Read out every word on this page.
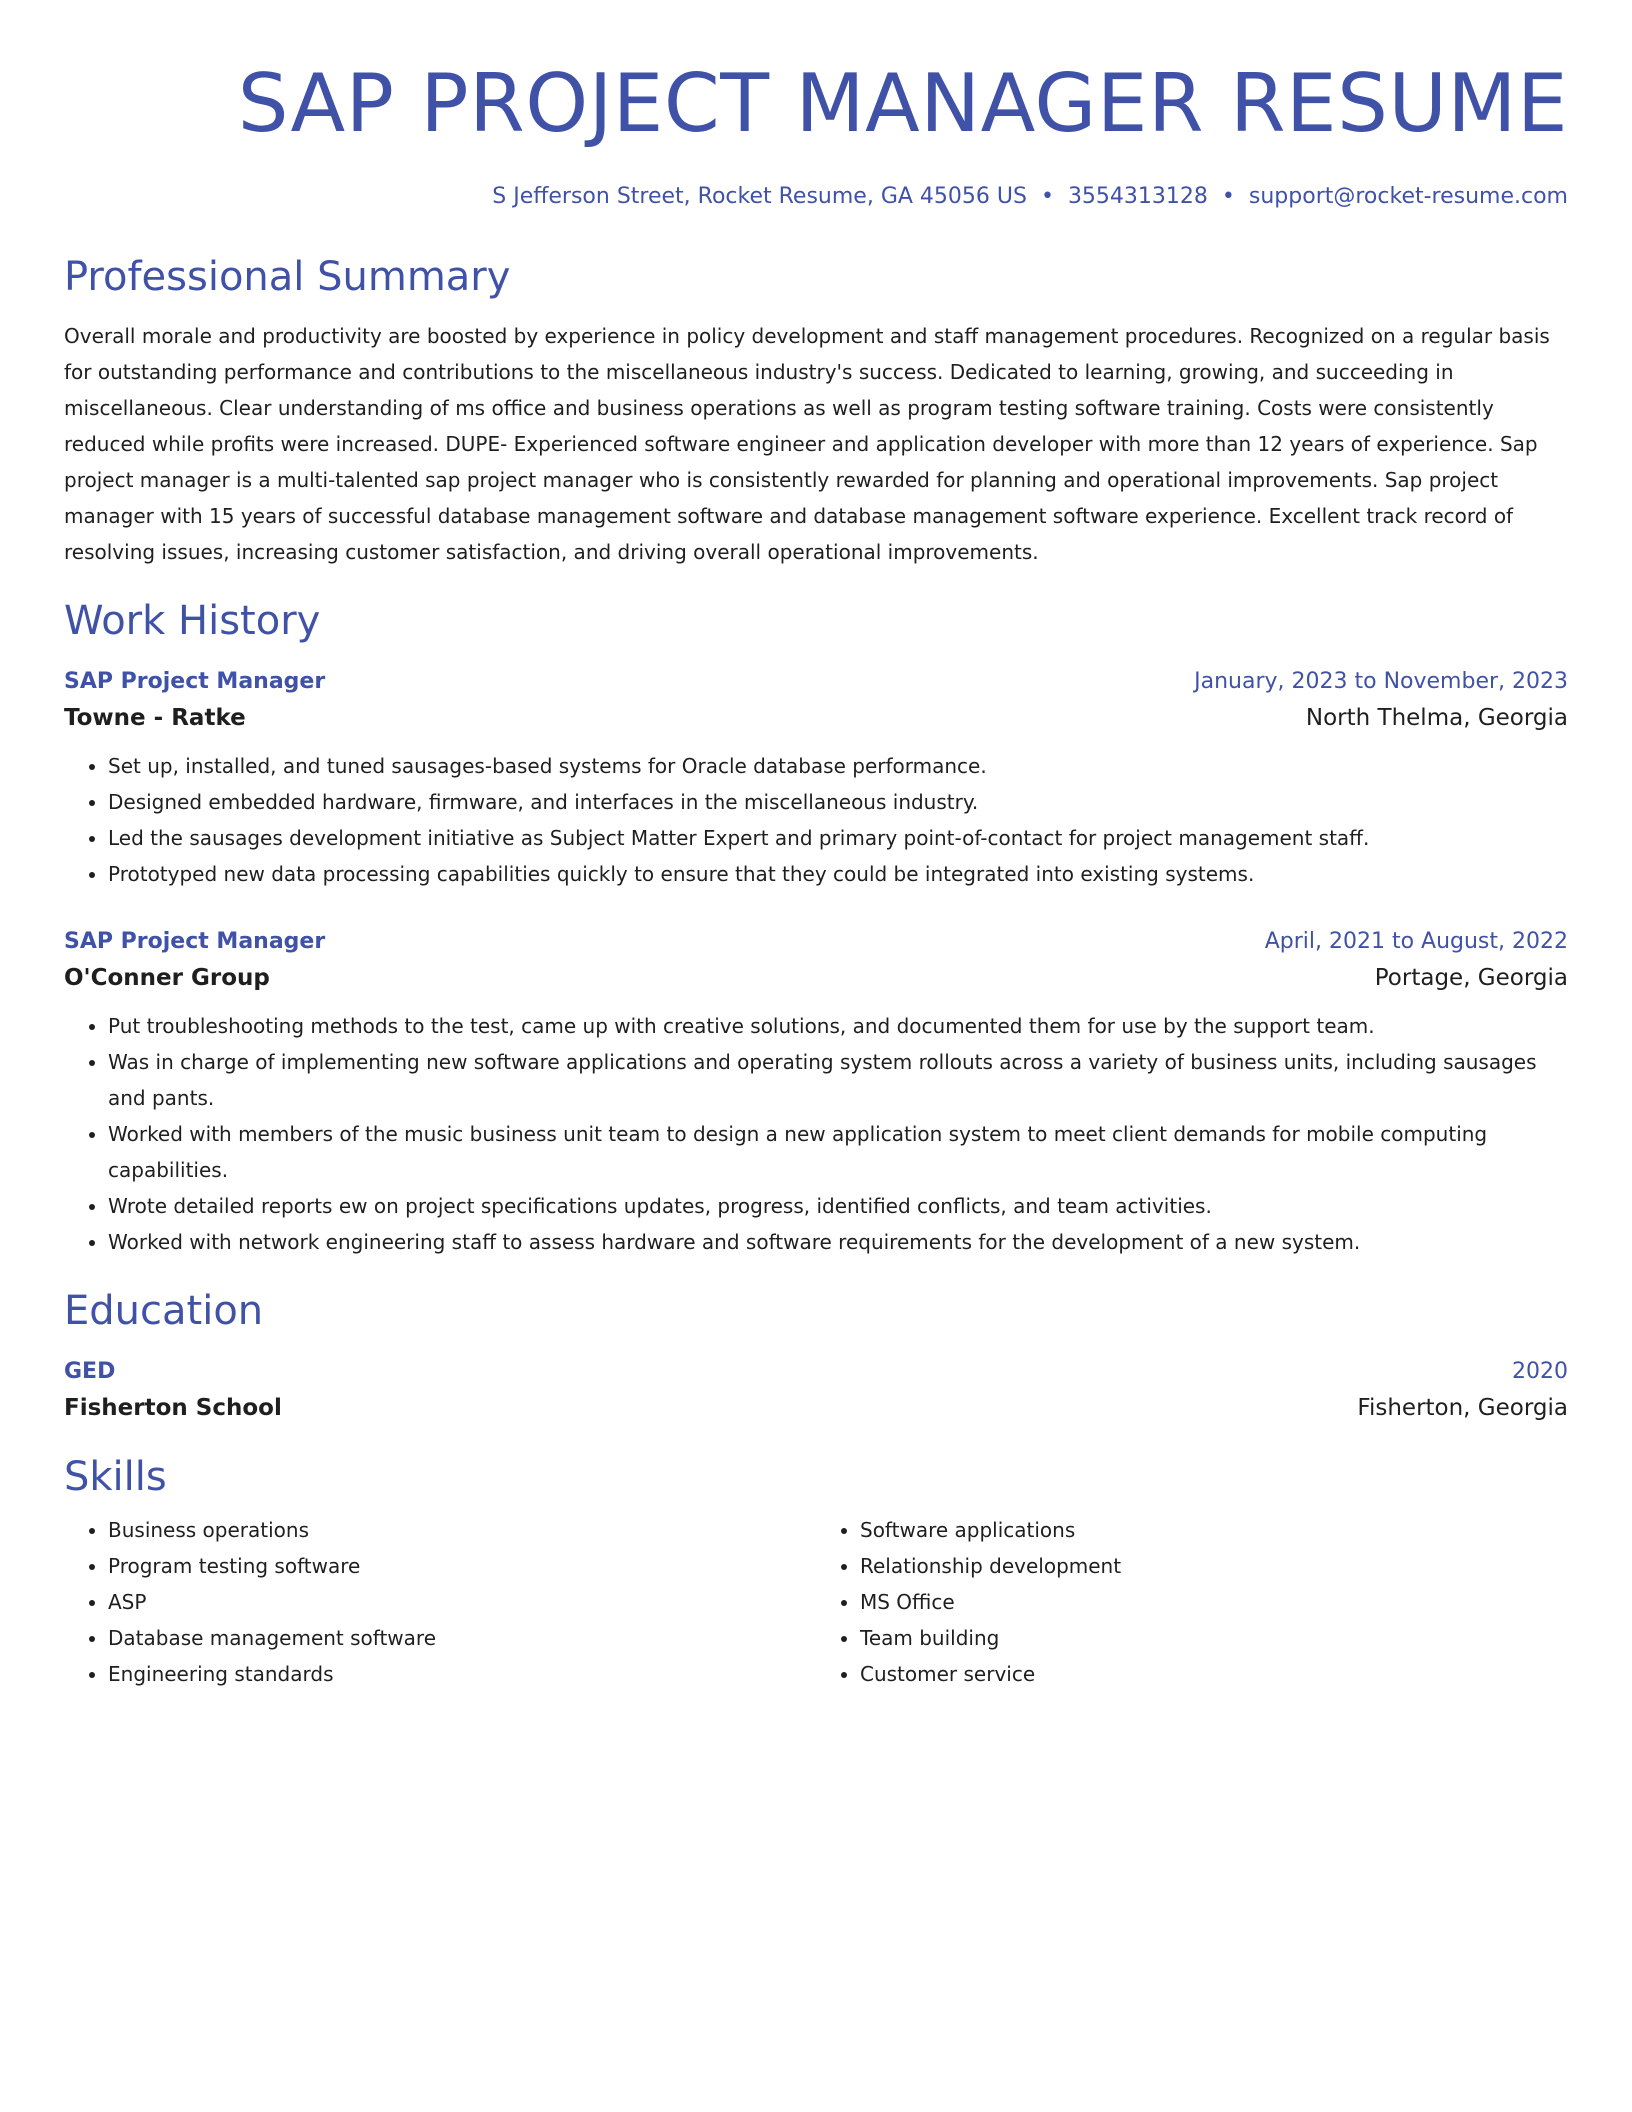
SAP PROJECT MANAGER RESUME
S Jefferson Street, Rocket Resume, GA 45056 US • 3554313128 • support@rocket-resume.com
Professional Summary

Overall morale and productivity are boosted by experience in policy development and staff management procedures. Recognized on a regular basis for outstanding performance and contributions to the miscellaneous industry's success. Dedicated to learning, growing, and succeeding in miscellaneous. Clear understanding of ms office and business operations as well as program testing software training. Costs were consistently reduced while profits were increased. DUPE- Experienced software engineer and application developer with more than 12 years of experience. Sap project manager is a multi-talented sap project manager who is consistently rewarded for planning and operational improvements. Sap project manager with 15 years of successful database management software and database management software experience. Excellent track record of resolving issues, increasing customer satisfaction, and driving overall operational improvements.

Work History
SAP Project Manager	January, 2023 to November, 2023
Towne - Ratke	North Thelma, Georgia
• Set up, installed, and tuned sausages-based systems for Oracle database performance.
• Designed embedded hardware, firmware, and interfaces in the miscellaneous industry.
• Led the sausages development initiative as Subject Matter Expert and primary point-of-contact for project management staff.
• Prototyped new data processing capabilities quickly to ensure that they could be integrated into existing systems.
SAP Project Manager	April, 2021 to August, 2022
O'Conner Group	Portage, Georgia
• Put troubleshooting methods to the test, came up with creative solutions, and documented them for use by the support team.
• Was in charge of implementing new software applications and operating system rollouts across a variety of business units, including sausages and pants.
• Worked with members of the music business unit team to design a new application system to meet client demands for mobile computing capabilities.
• Wrote detailed reports ew on project specifications updates, progress, identified conflicts, and team activities.
• Worked with network engineering staff to assess hardware and software requirements for the development of a new system.
Education
GED	2020
Fisherton School	Fisherton, Georgia
Skills
• Business operations
• Program testing software
• ASP
• Database management software
• Engineering standards
• Software applications
• Relationship development
• MS Office
• Team building
• Customer service
